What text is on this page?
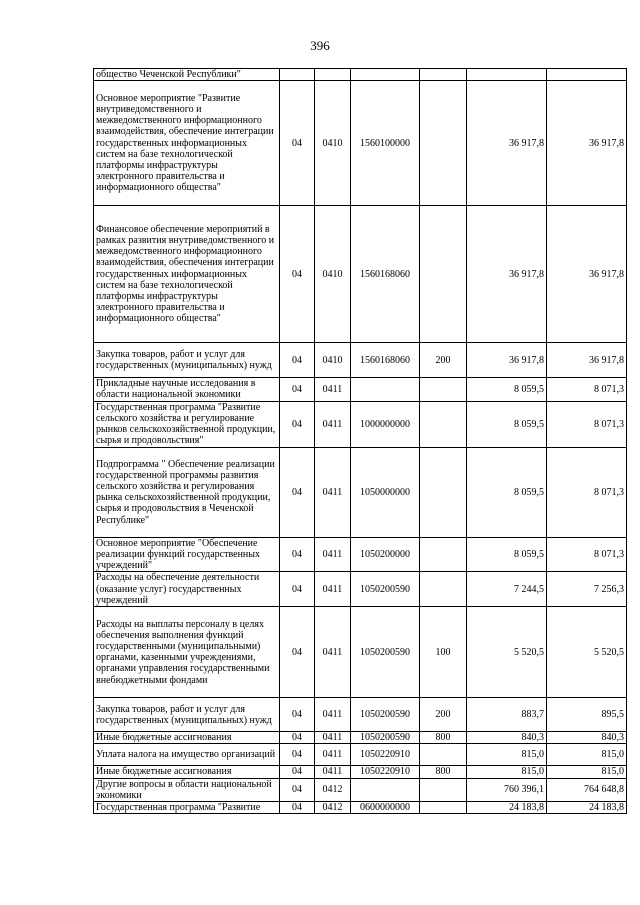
396
общество Чеченской Республики"						
Основное мероприятие "Развитие внутриведомственного и межведомственного информационного взаимодействия, обеспечение интеграции государственных информационных систем на базе технологической платформы инфраструктуры электронного правительства и информационного общества"	04	0410	1560100000		36 917,8	36 917,8
Финансовое обеспечение мероприятий в рамках развития внутриведомственного и межведомственного информационного взаимодействия, обеспечения интеграции государственных информационных систем на базе технологической платформы инфраструктуры электронного правительства и информационного общества"	04	0410	1560168060		36 917,8	36 917,8
Закупка товаров, работ и услуг для государственных (муниципальных) нужд	04	0410	1560168060	200	36 917,8	36 917,8
Прикладные научные исследования в области национальной экономики	04	0411			8 059,5	8 071,3
Государственная программа "Развитие сельского хозяйства и регулирование рынков сельскохозяйственной продукции, сырья и продовольствия"	04	0411	1000000000		8 059,5	8 071,3
Подпрограмма " Обеспечение реализации государственной программы развития сельского хозяйства и регулирования рынка сельскохозяйственной продукции, сырья и продовольствия в Чеченской Республике"	04	0411	1050000000		8 059,5	8 071,3
Основное мероприятие "Обеспечение реализации функций государственных учреждений"	04	0411	1050200000		8 059,5	8 071,3
Расходы на обеспечение деятельности (оказание услуг) государственных учреждений	04	0411	1050200590		7 244,5	7 256,3
Расходы на выплаты персоналу в целях обеспечения выполнения функций государственными (муниципальными) органами, казенными учреждениями, органами управления государственными внебюджетными фондами	04	0411	1050200590	100	5 520,5	5 520,5
Закупка товаров, работ и услуг для государственных (муниципальных) нужд	04	0411	1050200590	200	883,7	895,5
Иные бюджетные ассигнования	04	0411	1050200590	800	840,3	840,3
Уплата налога на имущество организаций	04	0411	1050220910		815,0	815,0
Иные бюджетные ассигнования	04	0411	1050220910	800	815,0	815,0
Другие вопросы в области национальной экономики	04	0412			760 396,1	764 648,8
Государственная программа "Развитие	04	0412	0600000000		24 183,8	24 183,8
